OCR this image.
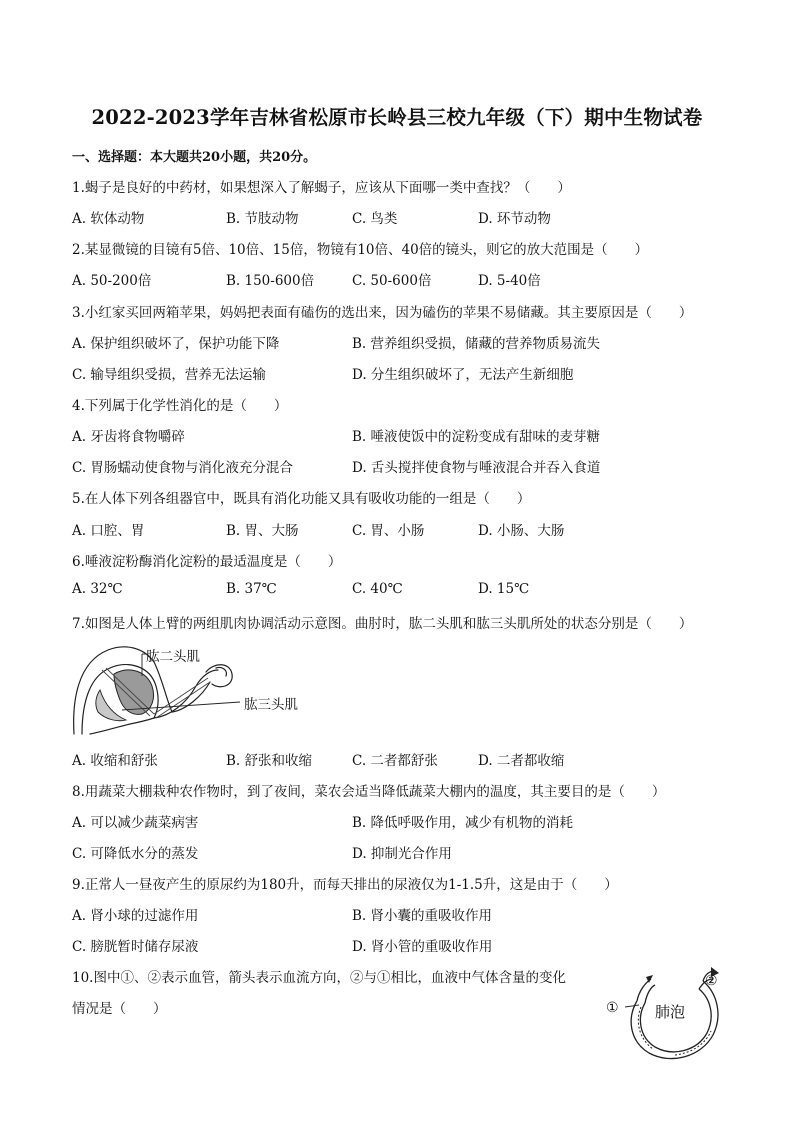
2022-2023学年吉林省松原市长岭县三校九年级（下）期中生物试卷
一、选择题：本大题共20小题，共20分。
1.蝎子是良好的中药材，如果想深入了解蝎子，应该从下面哪一类中查找？（　　）
A. 软体动物	B. 节肢动物	C. 鸟类	D. 环节动物
2.某显微镜的目镜有5倍、10倍、15倍，物镜有10倍、40倍的镜头，则它的放大范围是（　　）
A. 50-200倍	B. 150-600倍	C. 50-600倍	D. 5-40倍
3.小红家买回两箱苹果，妈妈把表面有磕伤的选出来，因为磕伤的苹果不易储藏。其主要原因是（　　）
A. 保护组织破坏了，保护功能下降	B. 营养组织受损，储藏的营养物质易流失
C. 输导组织受损，营养无法运输	D. 分生组织破坏了，无法产生新细胞
4.下列属于化学性消化的是（　　）
A. 牙齿将食物嚼碎	B. 唾液使饭中的淀粉变成有甜味的麦芽糖
C. 胃肠蠕动使食物与消化液充分混合	D. 舌头搅拌使食物与唾液混合并吞入食道
5.在人体下列各组器官中，既具有消化功能又具有吸收功能的一组是（　　）
A. 口腔、胃	B. 胃、大肠	C. 胃、小肠	D. 小肠、大肠
6.唾液淀粉酶消化淀粉的最适温度是（　　）
A. 32℃	B. 37℃	C. 40℃	D. 15℃
7.如图是人体上臂的两组肌肉协调活动示意图。曲肘时，肱二头肌和肱三头肌所处的状态分别是（　　）
肱二头肌
肱三头肌
A. 收缩和舒张	B. 舒张和收缩	C. 二者都舒张	D. 二者都收缩
8.用蔬菜大棚栽种农作物时，到了夜间，菜农会适当降低蔬菜大棚内的温度，其主要目的是（　　）
A. 可以减少蔬菜病害	B. 降低呼吸作用，减少有机物的消耗
C. 可降低水分的蒸发	D. 抑制光合作用
9.正常人一昼夜产生的原尿约为180升，而每天排出的尿液仅为1-1.5升，这是由于（　　）
A. 肾小球的过滤作用	B. 肾小囊的重吸收作用
C. 膀胱暂时储存尿液	D. 肾小管的重吸收作用
10.图中①、②表示血管，箭头表示血流方向，②与①相比，血液中气体含量的变化
情况是（　　）	①
②
肺泡
